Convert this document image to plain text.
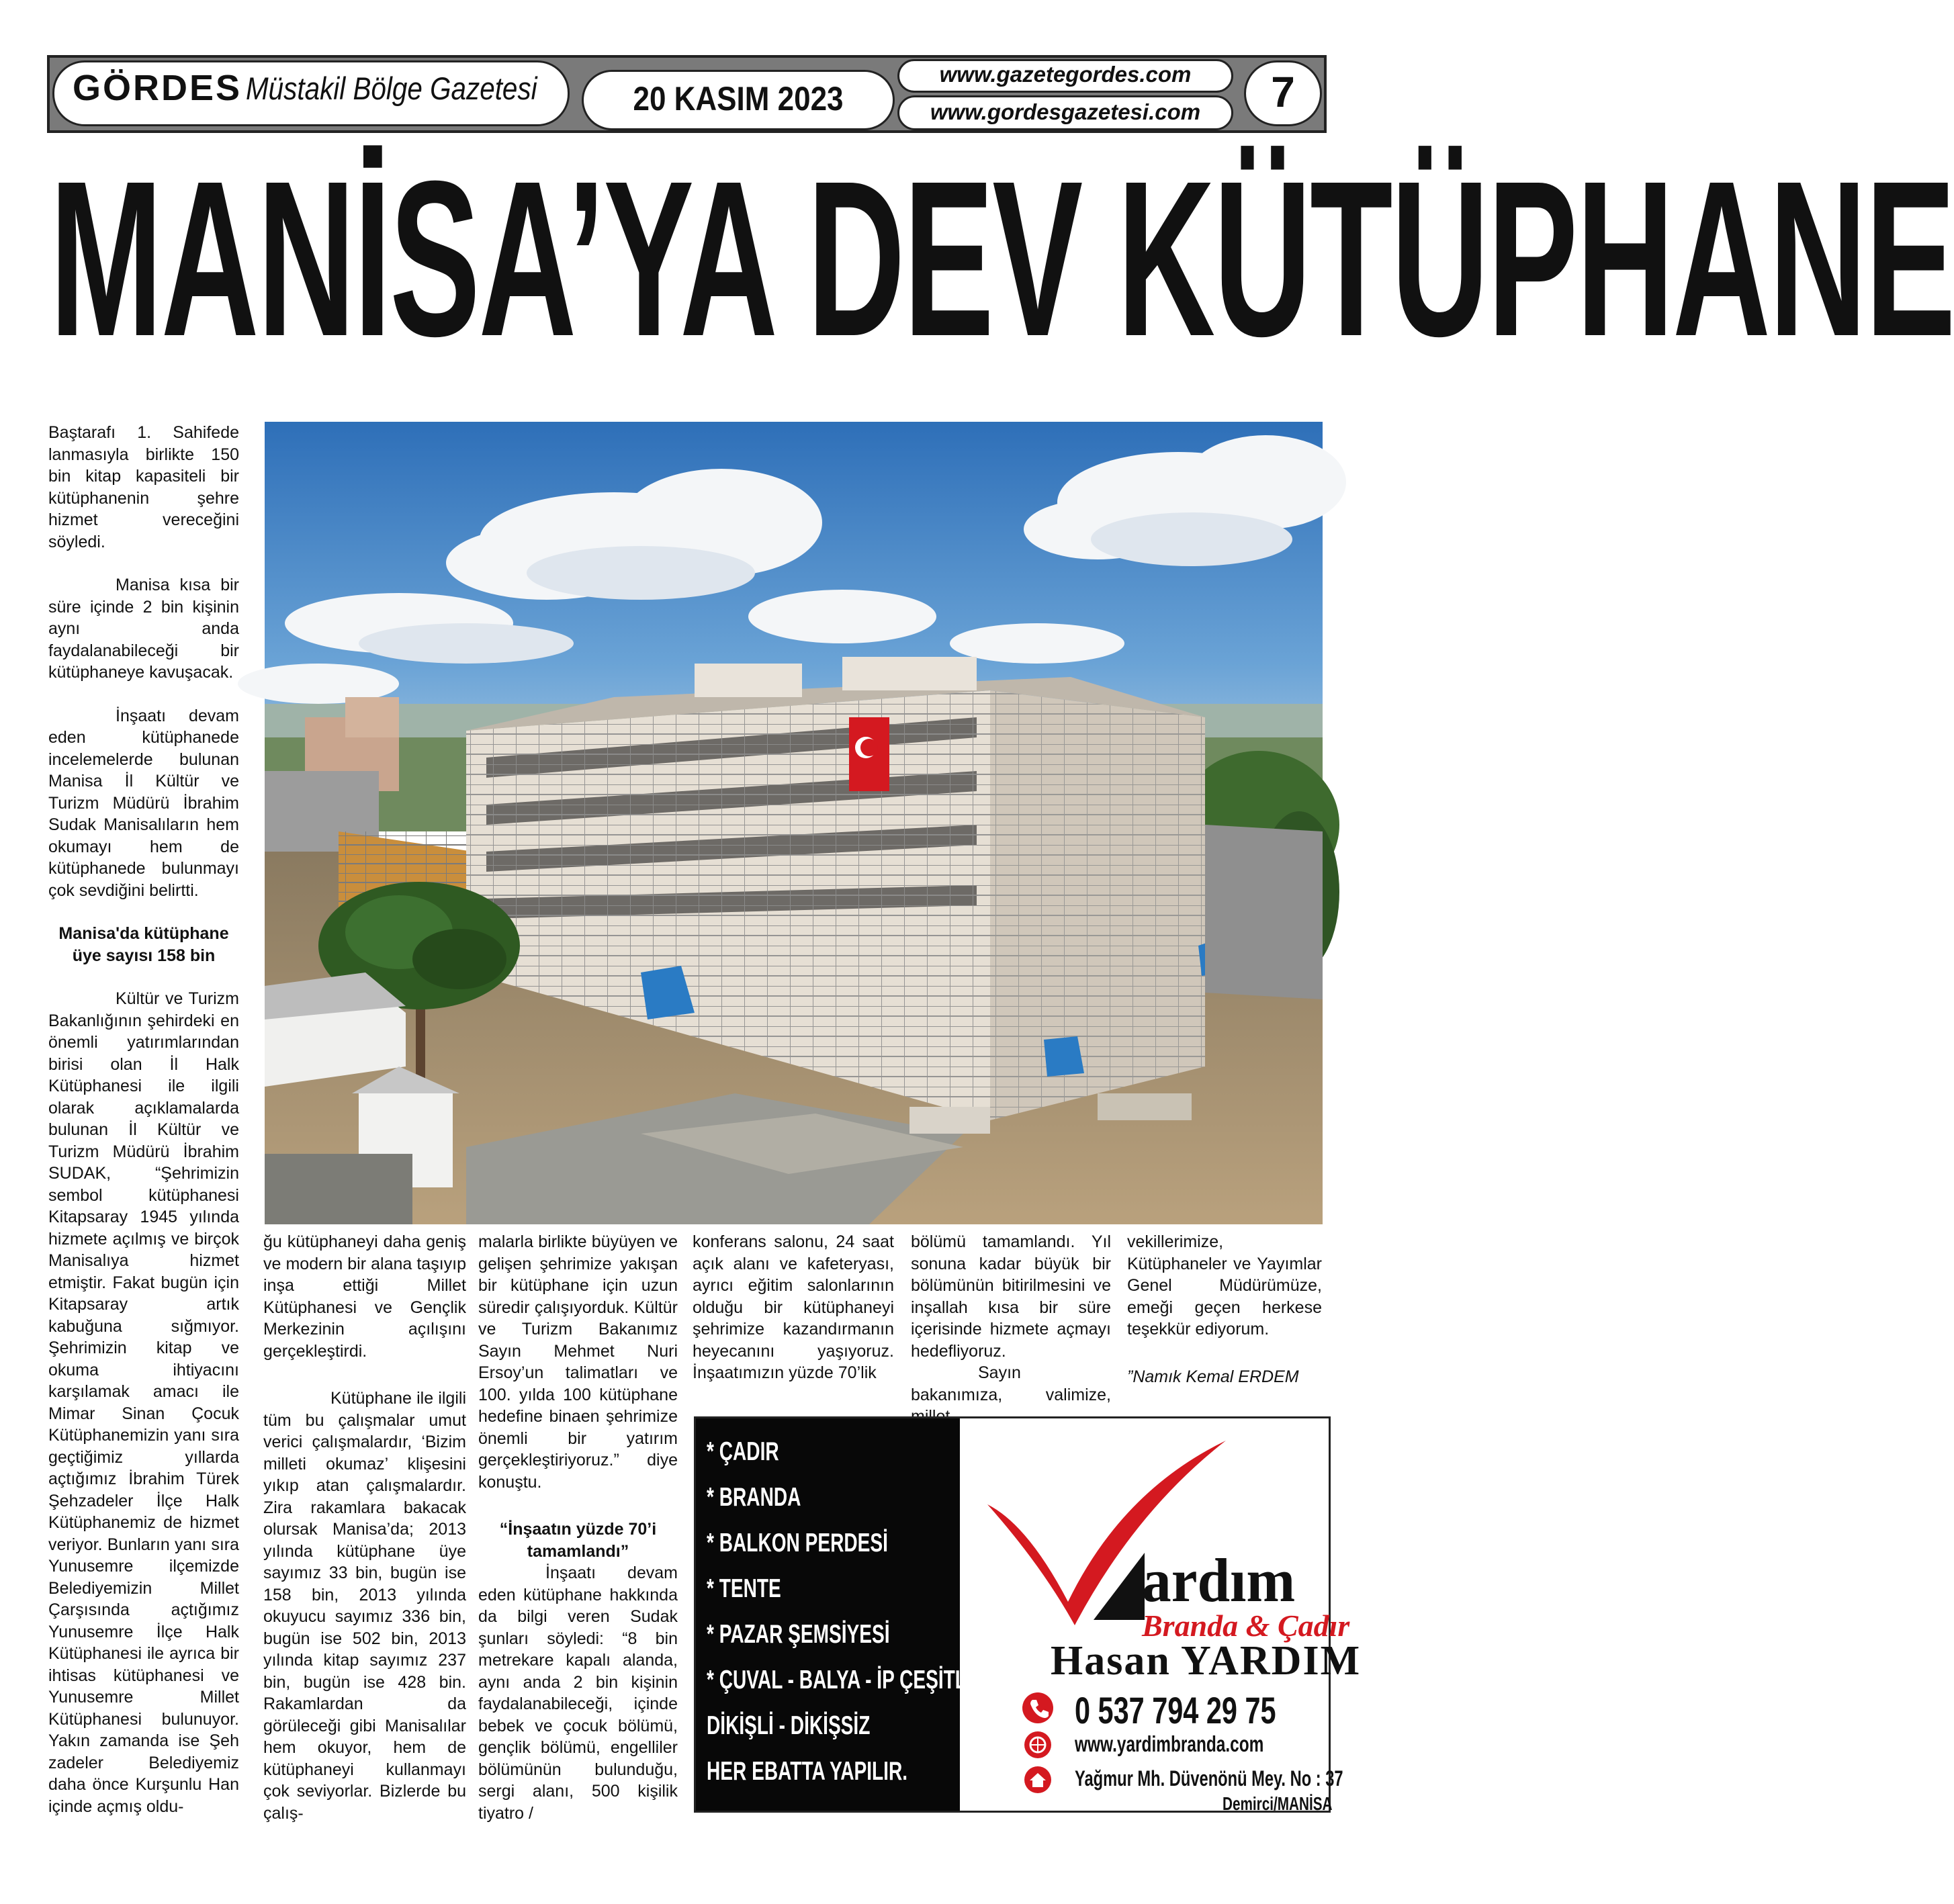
GÖRDES Müstakil Bölge Gazetesi	20 KASIM 2023
www.gazetegordes.com
www.gordesgazetesi.com	7
MANİSA’YA DEV KÜTÜPHANE

Baştarafı 1. Sahifede lanmasıyla birlikte 150 bin kitap kapasiteli bir kütüphanenin şehre hizmet vereceğini söyledi.

Manisa kısa bir süre içinde 2 bin kişinin aynı anda faydalanabileceği bir kütüphaneye kavuşacak.

İnşaatı devam eden kütüphanede incelemelerde bulunan Manisa İl Kültür ve Turizm Müdürü İbrahim Sudak Manisalıların hem okumayı hem de kütüphanede bulunmayı çok sevdiğini belirtti.

Manisa'da kütüphane üye sayısı 158 bin

Kültür ve Turizm Bakanlığının şehirdeki en önemli yatırımlarından birisi olan İl Halk Kütüphanesi ile ilgili olarak açıklamalarda bulunan İl Kültür ve Turizm Müdürü İbrahim SUDAK, “Şehrimizin sembol kütüphanesi Kitapsaray 1945 yılında hizmete açılmış ve birçok Manisalıya hizmet etmiştir. Fakat bugün için Kitapsaray artık kabuğuna sığmıyor. Şehrimizin kitap ve okuma ihtiyacını karşılamak amacı ile Mimar Sinan Çocuk Kütüphanemizin yanı sıra geçtiğimiz yıllarda açtığımız İbrahim Türek Şehzadeler İlçe Halk Kütüphanemiz de hizmet veriyor. Bunların yanı sıra Yunusemre ilçemizde Belediyemizin Millet Çarşısında açtığımız Yunusemre İlçe Halk Kütüphanesi ile ayrıca bir ihtisas kütüphanesi ve Yunusemre Millet Kütüphanesi bulunuyor. Yakın zamanda ise Şeh zadeler Belediyemiz daha önce Kurşunlu Han içinde açmış oldu-

ğu kütüphaneyi daha geniş ve modern bir alana taşıyıp inşa ettiği Millet Kütüphanesi ve Gençlik Merkezinin açılışını gerçekleştirdi.

Kütüphane ile ilgili tüm bu çalışmalar umut verici çalışmalardır, ‘Bizim milleti okumaz’ klişesini yıkıp atan çalışmalardır. Zira rakamlara bakacak olursak Manisa’da; 2013 yılında kütüphane üye sayımız 33 bin, bugün ise 158 bin, 2013 yılında okuyucu sayımız 336 bin, bugün ise 502 bin, 2013 yılında kitap sayımız 237 bin, bugün ise 428 bin. Rakamlardan da görüleceği gibi Manisalılar hem okuyor, hem de kütüphaneyi kullanmayı çok seviyorlar. Bizlerde bu çalış-

malarla birlikte büyüyen ve gelişen şehrimize yakışan bir kütüphane için uzun süredir çalışıyorduk. Kültür ve Turizm Bakanımız Sayın Mehmet Nuri Ersoy’un talimatları ve 100. yılda 100 kütüphane hedefine binaen şehrimize önemli bir yatırım gerçekleştiriyoruz.” diye konuştu.

“İnşaatın yüzde 70’i tamamlandı”

İnşaatı devam eden kütüphane hakkında da bilgi veren Sudak şunları söyledi: “8 bin metrekare kapalı alanda, aynı anda 2 bin kişinin faydalanabileceği, içinde bebek ve çocuk bölümü, gençlik bölümü, engelliler bölümünün bulunduğu, sergi alanı, 500 kişilik tiyatro /

konferans salonu, 24 saat açık alanı ve kafeteryası, ayrıcı eğitim salonlarının olduğu bir kütüphaneyi şehrimize kazandırmanın heyecanını yaşıyoruz. İnşaatımızın yüzde 70’lik

bölümü tamamlandı. Yıl sonuna kadar büyük bir bölümünün bitirilmesini ve inşallah kısa bir süre içerisinde hizmete açmayı hedefliyoruz.

Sayın bakanımıza, valimize,

vekillerimize, Kütüphaneler ve Yayımlar Genel Müdürümüze, emeği geçen herkese teşekkür ediyorum.

”Namık Kemal ERDEM

* ÇADIR
* BRANDA
* BALKON PERDESİ
* TENTE
* PAZAR ŞEMSİYESİ
* ÇUVAL - BALYA - İP ÇEŞİTLERİ
DİKİŞLİ - DİKİŞSİZ
HER EBATTA YAPILIR.
ardım
Branda & Çadır
Hasan YARDIM
0 537 794 29 75
www.yardimbranda.com
Yağmur Mh. Düvenönü Mey. No : 37
Demirci/MANİSA
